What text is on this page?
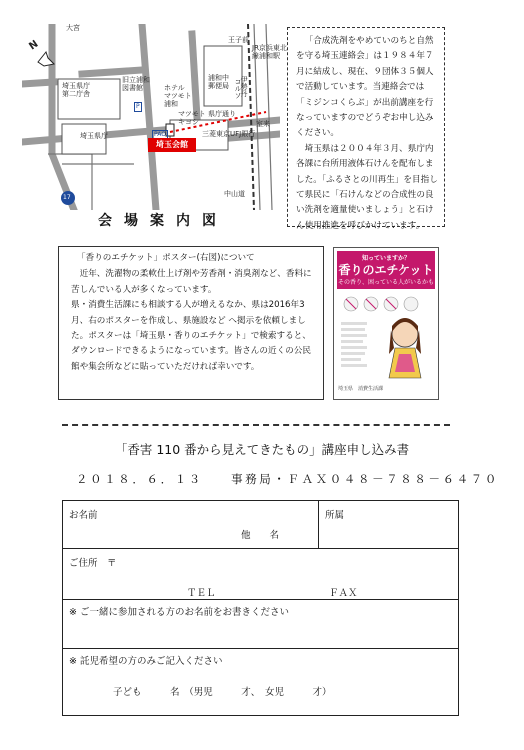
大宮
埼玉県庁
第二庁舎
旧立浦和
図書館	ホテル
マツモト
浦和
浦和中
郵便局
マツモト
キヨシ
県庁通り
王子前
JR京浜東北
線浦和駅
伊勢丹
コルソ
室来
三菱東京UFJ銀行
埼玉県庁
中山道
P
PAO
17
N
埼玉会館
会場案内図

「合成洗剤をやめていのちと自然を守る埼玉連絡会」は１９８４年７月に結成し、現在、９団体３５個人で活動しています。当連絡会では「ミジンコくらぶ」が出前講座を行なっていますのでどうぞお申し込みください。

埼玉県は２００４年３月、県庁内各課に台所用液体石けんを配布しました。「ふるさとの川再生」を目指して県民に「石けんなどの合成性の良い洗剤を適量使いましょう」と石けん使用推進を呼びかけています。

「香りのエチケット」ポスター(右図)について

近年、洗濯物の柔軟仕上げ剤や芳香剤・消臭剤など、香料に苦しんでいる人が多くなっています。

県・消費生活課にも相談する人が増えるなか、県は2016年3月、右のポスターを作成し、県施設など へ掲示を依頼しました。ポスターは「埼玉県・香りのエチケット」で検索すると、ダウンロードできるようになっています。皆さんの近くの公民館や集会所などに貼っていただければ幸いです。

知っていますか？
香りのエチケット
その香り、困っている人がいるかも
埼玉県　消費生活課
「香害 110 番から見えてきたもの」講座申し込み書
２０１８．６．１３　　事務局・ＦＡＸ０４８－７８８－６４７０
お名前
他　　名
所属
ご住所　〒
ＴＥＬ	ＦＡＸ
※ ご一緒に参加される方のお名前をお書きください
※ 託児希望の方のみご記入ください
子ども　　　名　（男児　　　才、　女児　　　才）
